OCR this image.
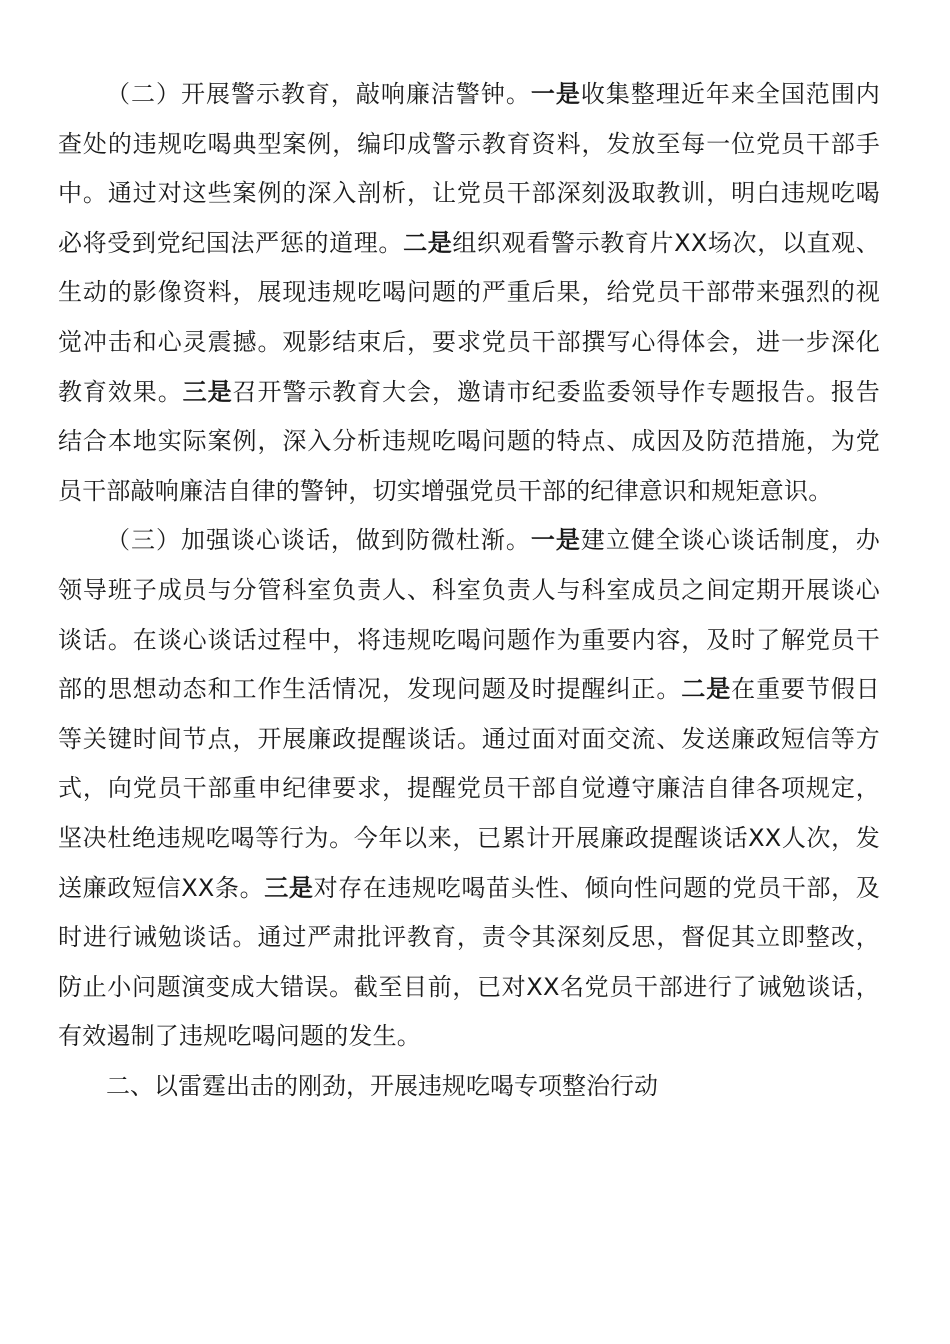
（二）开展警示教育，敲响廉洁警钟。一是收集整理近年来全国范围内查处的违规吃喝典型案例，编印成警示教育资料，发放至每一位党员干部手中。通过对这些案例的深入剖析，让党员干部深刻汲取教训，明白违规吃喝必将受到党纪国法严惩的道理。二是组织观看警示教育片XX场次，以直观、生动的影像资料，展现违规吃喝问题的严重后果，给党员干部带来强烈的视觉冲击和心灵震撼。观影结束后，要求党员干部撰写心得体会，进一步深化教育效果。三是召开警示教育大会，邀请市纪委监委领导作专题报告。报告结合本地实际案例，深入分析违规吃喝问题的特点、成因及防范措施，为党员干部敲响廉洁自律的警钟，切实增强党员干部的纪律意识和规矩意识。

（三）加强谈心谈话，做到防微杜渐。一是建立健全谈心谈话制度，办领导班子成员与分管科室负责人、科室负责人与科室成员之间定期开展谈心谈话。在谈心谈话过程中，将违规吃喝问题作为重要内容，及时了解党员干部的思想动态和工作生活情况，发现问题及时提醒纠正。二是在重要节假日等关键时间节点，开展廉政提醒谈话。通过面对面交流、发送廉政短信等方式，向党员干部重申纪律要求，提醒党员干部自觉遵守廉洁自律各项规定，坚决杜绝违规吃喝等行为。今年以来，已累计开展廉政提醒谈话XX人次，发送廉政短信XX条。三是对存在违规吃喝苗头性、倾向性问题的党员干部，及时进行诫勉谈话。通过严肃批评教育，责令其深刻反思，督促其立即整改，防止小问题演变成大错误。截至目前，已对XX名党员干部进行了诫勉谈话，有效遏制了违规吃喝问题的发生。

二、以雷霆出击的刚劲，开展违规吃喝专项整治行动
